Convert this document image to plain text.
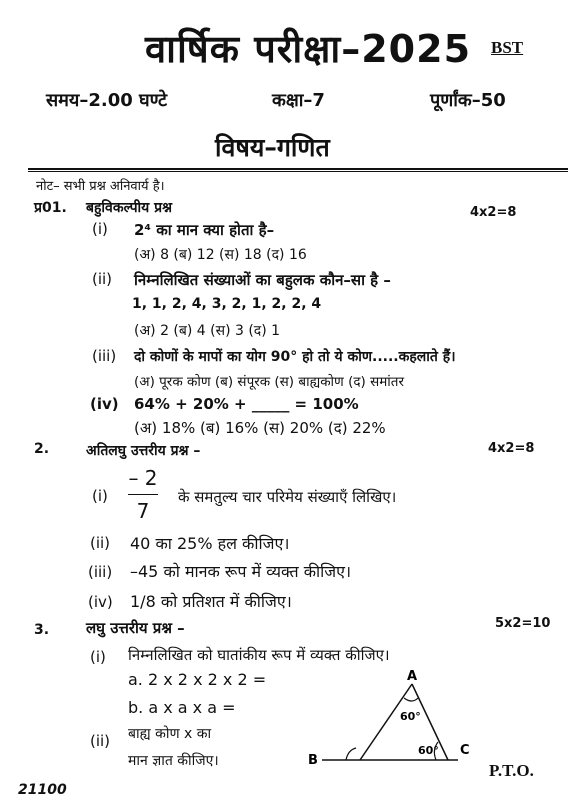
वार्षिक परीक्षा–2025 BST
समय–2.00 घण्टे	कक्षा–7	पूर्णांक–50
विषय–गणित
नोट– सभी प्रश्न अनिवार्य है।
प्र01. बहुविकल्पीय प्रश्न	4x2=8
(i) 2⁴ का मान क्या होता है–
(अ) 8 (ब) 12 (स) 18 (द) 16
(ii) निम्नलिखित संख्याओं का बहुलक कौन–सा है –
1, 1, 2, 4, 3, 2, 1, 2, 2, 4
(अ) 2 (ब) 4 (स) 3 (द) 1
(iii) दो कोणों के मापों का योग 90° हो तो ये कोण.....कहलाते हैं।
(अ) पूरक कोण (ब) संपूरक (स) बाह्यकोण (द) समांतर
(iv) 64% + 20% + _____ = 100%
(अ) 18% (ब) 16% (स) 20% (द) 22%
2.	अतिलघु उत्तरीय प्रश्न –	4x2=8
(i)
– 2
7
के समतुल्य चार परिमेय संख्याएँ लिखिए।
(ii) 40 का 25% हल कीजिए।
(iii) –45 को मानक रूप में व्यक्त कीजिए।
(iv) 1/8 को प्रतिशत में कीजिए।
3. लघु उत्तरीय प्रश्न –	5x2=10
(i) निम्नलिखित को घातांकीय रूप में व्यक्त कीजिए।
a. 2 x 2 x 2 x 2 =
b. a x a x a =
(ii) बाह्य कोण x का
मान ज्ञात कीजिए।
A
B
C
60°
60°
P.T.O.
21100
